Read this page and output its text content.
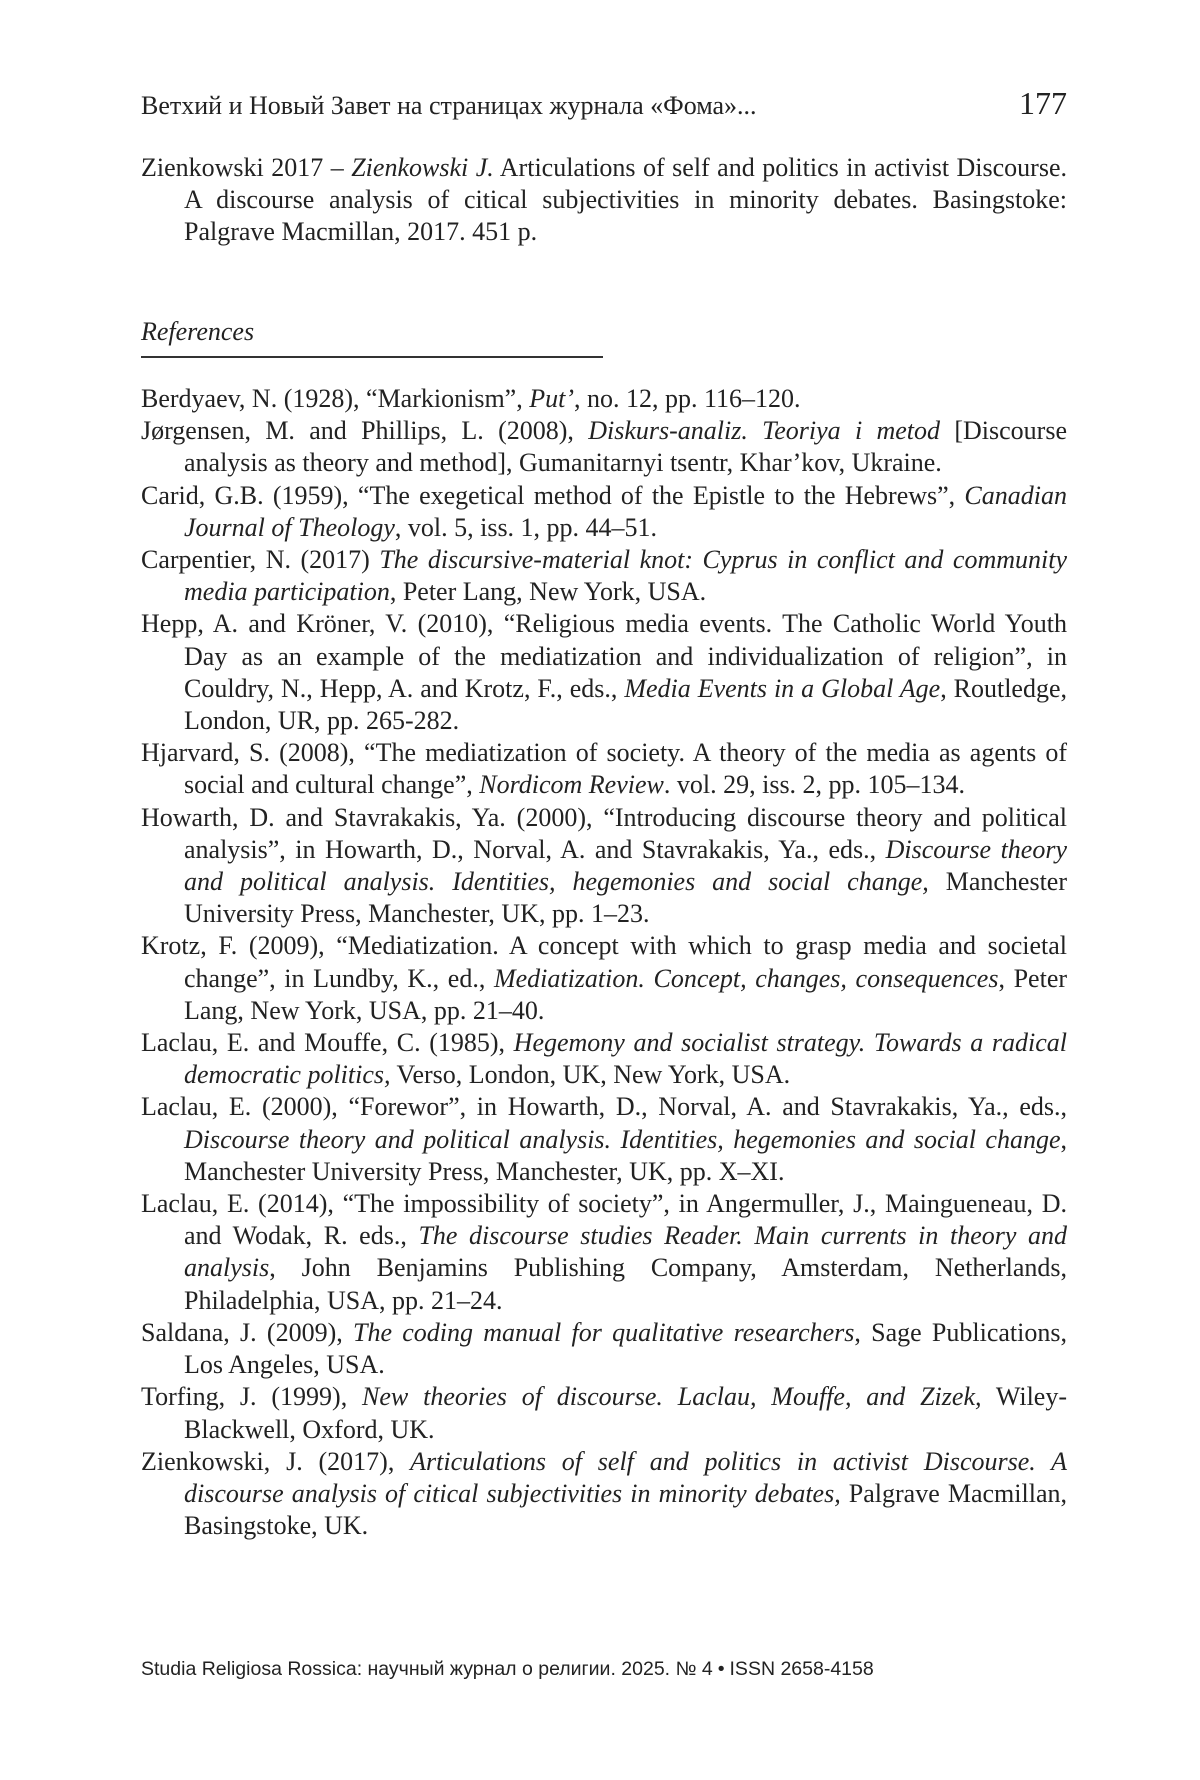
Ветхий и Новый Завет на страницах журнала «Фома»...	177

Zienkowski 2017 – Zienkowski J. Articulations of self and politics in activist Discourse. A discourse analysis of citical subjectivities in minority debates. Basingstoke: Palgrave Macmillan, 2017. 451 p.

References

Berdyaev, N. (1928), “Markionism”, Put’, no. 12, pp. 116–120.

Jørgensen, M. and Phillips, L. (2008), Diskurs-analiz. Teoriya i metod [Discourse analysis as theory and method], Gumanitarnyi tsentr, Khar’kov, Ukraine.

Carid, G.B. (1959), “The exegetical method of the Epistle to the Hebrews”, Canadian Journal of Theology, vol. 5, iss. 1, pp. 44–51.

Carpentier, N. (2017) The discursive-material knot: Cyprus in conflict and community media participation, Peter Lang, New York, USA.

Hepp, A. and Kröner, V. (2010), “Religious media events. The Catholic World Youth Day as an example of the mediatization and individualization of religion”, in Couldry, N., Hepp, A. and Krotz, F., eds., Media Events in a Global Age, Routledge, London, UR, pp. 265-282.

Hjarvard, S. (2008), “The mediatization of society. A theory of the media as agents of social and cultural change”, Nordicom Review. vol. 29, iss. 2, pp. 105–134.

Howarth, D. and Stavrakakis, Ya. (2000), “Introducing discourse theory and political analysis”, in Howarth, D., Norval, A. and Stavrakakis, Ya., eds., Discourse theory and political analysis. Identities, hegemonies and social change, Manchester University Press, Manchester, UK, pp. 1–23.

Krotz, F. (2009), “Mediatization. A concept with which to grasp media and societal change”, in Lundby, K., ed., Mediatization. Concept, changes, consequences, Peter Lang, New York, USA, pp. 21–40.

Laclau, E. and Mouffe, C. (1985), Hegemony and socialist strategy. Towards a radical democratic politics, Verso, London, UK, New York, USA.

Laclau, E. (2000), “Forewor”, in Howarth, D., Norval, A. and Stavrakakis, Ya., eds., Discourse theory and political analysis. Identities, hegemonies and social change, Manchester University Press, Manchester, UK, pp. X–XI.

Laclau, E. (2014), “The impossibility of society”, in Angermuller, J., Maingueneau, D. and Wodak, R. eds., The discourse studies Reader. Main currents in theory and analysis, John Benjamins Publishing Company, Amsterdam, Netherlands, Philadelphia, USA, pp. 21–24.

Saldana, J. (2009), The coding manual for qualitative researchers, Sage Publications, Los Angeles, USA.

Torfing, J. (1999), New theories of discourse. Laclau, Mouffe, and Zizek, Wiley-Blackwell, Oxford, UK.

Zienkowski, J. (2017), Articulations of self and politics in activist Discourse. A discourse analysis of citical subjectivities in minority debates, Palgrave Macmillan, Basingstoke, UK.

Studia Religiosa Rossica: научный журнал о религии. 2025. № 4 • ISSN 2658-4158
